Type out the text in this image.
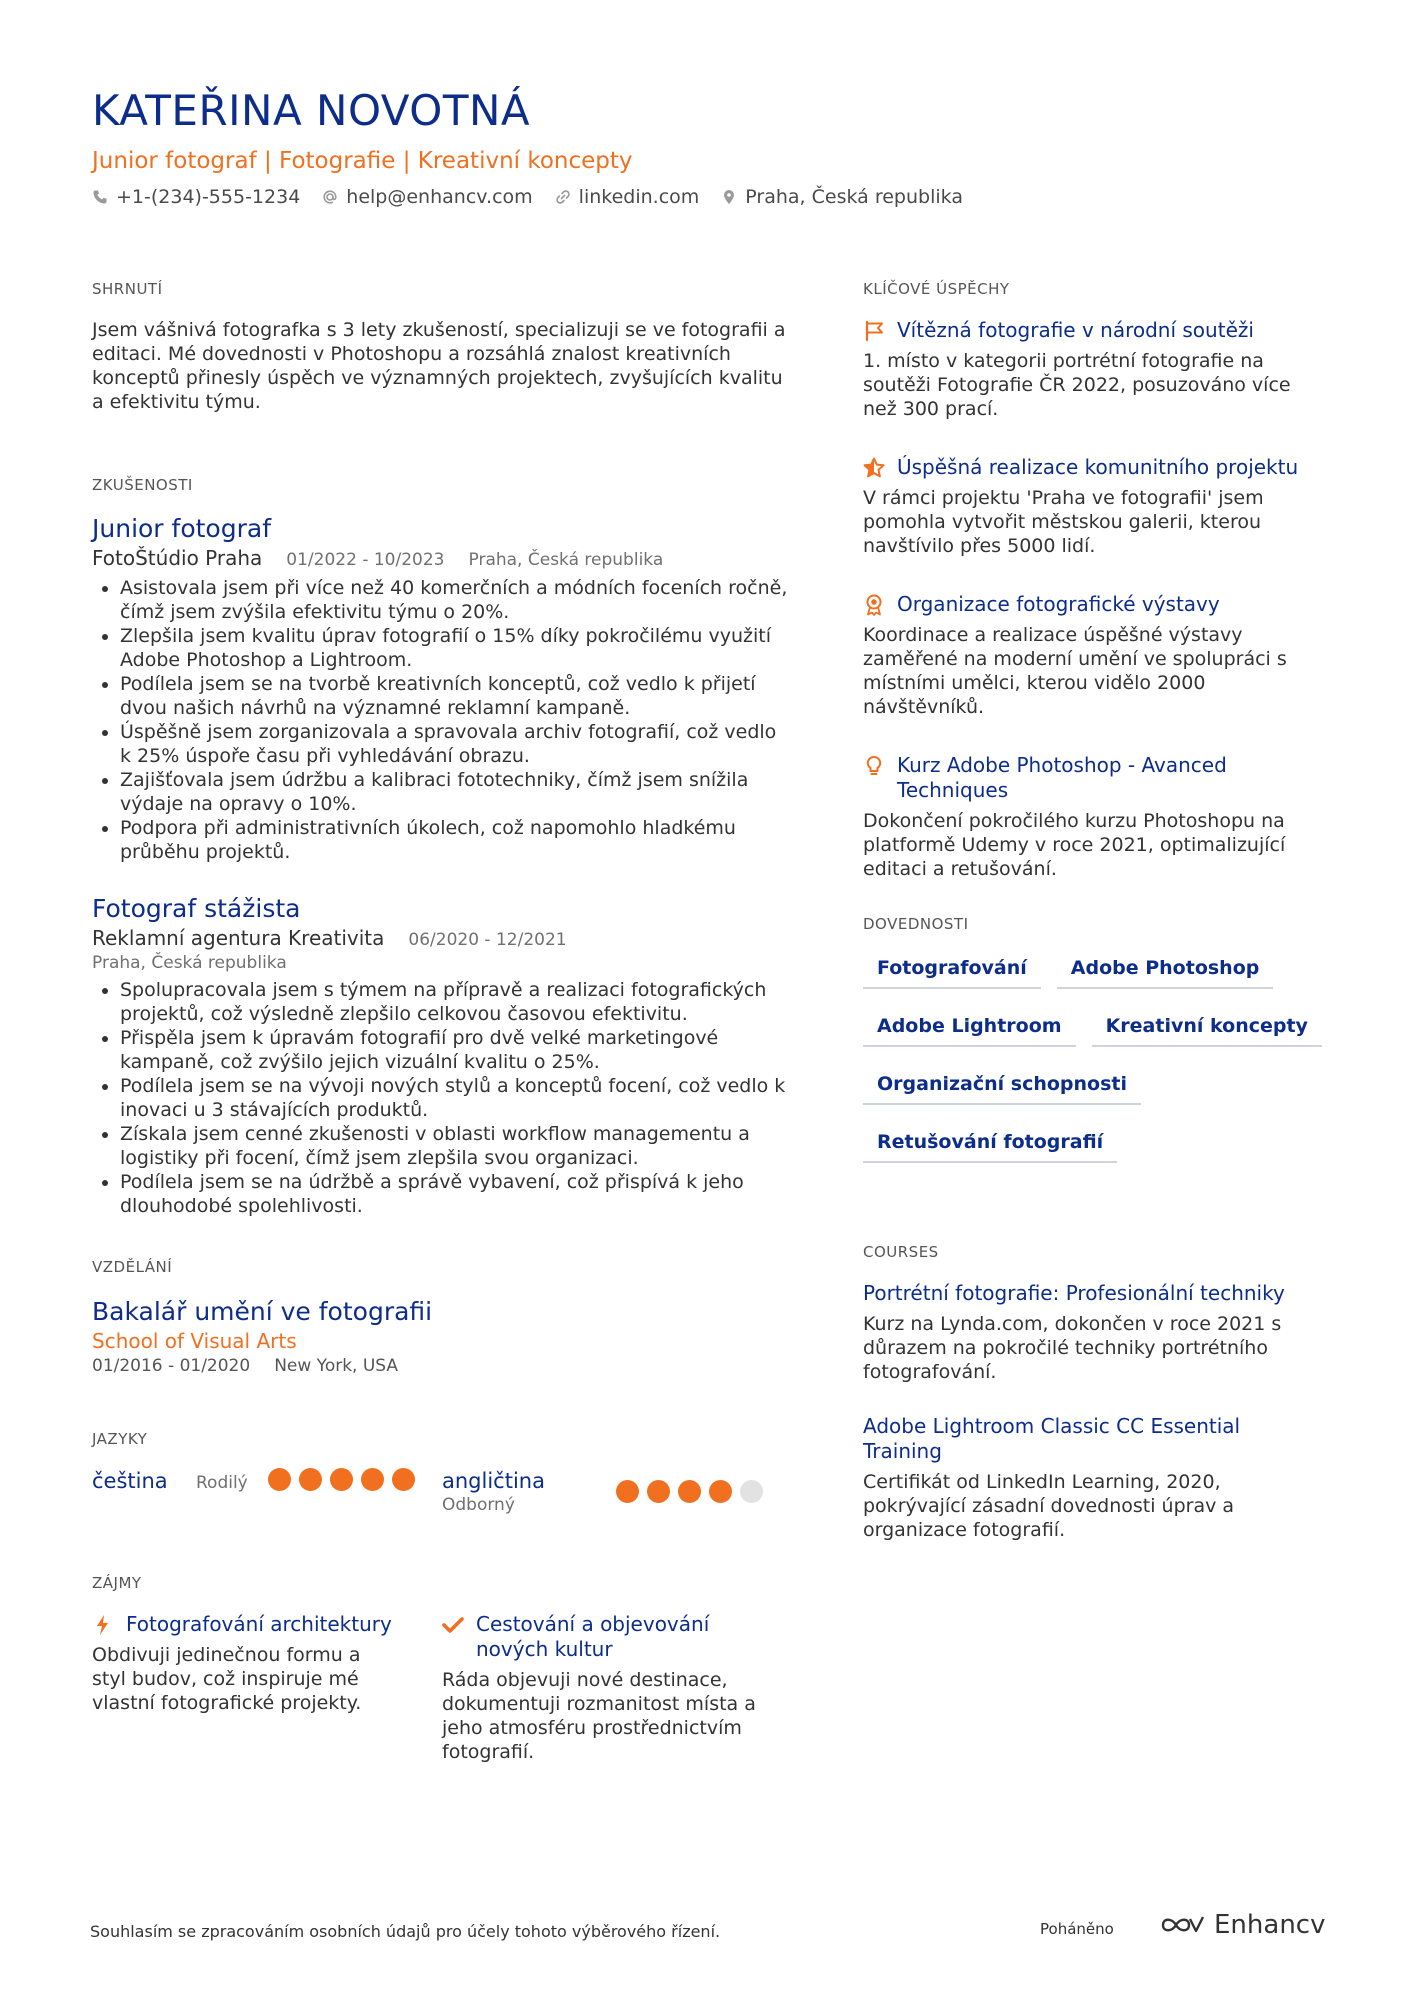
KATEŘINA NOVOTNÁ
Junior fotograf | Fotografie | Kreativní koncepty
+1-(234)-555-1234 help@enhancv.com linkedin.com Praha, Česká republika
SHRNUTÍ

Jsem vášnivá fotografka s 3 lety zkušeností, specializuji se ve fotografii a editaci. Mé dovednosti v Photoshopu a rozsáhlá znalost kreativních konceptů přinesly úspěch ve významných projektech, zvyšujících kvalitu a efektivitu týmu.

ZKUŠENOSTI
Junior fotograf
FotoŠtúdio Praha 01/2022 - 10/2023 Praha, Česká republika
• Asistovala jsem při více než 40 komerčních a módních foceních ročně, čímž jsem zvýšila efektivitu týmu o 20%.
• Zlepšila jsem kvalitu úprav fotografií o 15% díky pokročilému využití Adobe Photoshop a Lightroom.
• Podílela jsem se na tvorbě kreativních konceptů, což vedlo k přijetí dvou našich návrhů na významné reklamní kampaně.
• Úspěšně jsem zorganizovala a spravovala archiv fotografií, což vedlo k 25% úspoře času při vyhledávání obrazu.
• Zajišťovala jsem údržbu a kalibraci fototechniky, čímž jsem snížila výdaje na opravy o 10%.
• Podpora při administrativních úkolech, což napomohlo hladkému průběhu projektů.
Fotograf stážista
Reklamní agentura Kreativita 06/2020 - 12/2021
Praha, Česká republika
• Spolupracovala jsem s týmem na přípravě a realizaci fotografických projektů, což výsledně zlepšilo celkovou časovou efektivitu.
• Přispěla jsem k úpravám fotografií pro dvě velké marketingové kampaně, což zvýšilo jejich vizuální kvalitu o 25%.
• Podílela jsem se na vývoji nových stylů a konceptů focení, což vedlo k inovaci u 3 stávajících produktů.
• Získala jsem cenné zkušenosti v oblasti workflow managementu a logistiky při focení, čímž jsem zlepšila svou organizaci.
• Podílela jsem se na údržbě a správě vybavení, což přispívá k jeho dlouhodobé spolehlivosti.
VZDĚLÁNÍ
Bakalář umění ve fotografii
School of Visual Arts
01/2016 - 01/2020 New York, USA
JAZYKY
čeština	Rodilý	angličtina
Odborný
ZÁJMY
Fotografování architektury
Obdivuji jedinečnou formu a styl budov, což inspiruje mé vlastní fotografické projekty.
Cestování a objevování nových kultur
Ráda objevuji nové destinace, dokumentuji rozmanitost místa a jeho atmosféru prostřednictvím fotografií.
KLÍČOVÉ ÚSPĚCHY
Vítězná fotografie v národní soutěži
1. místo v kategorii portrétní fotografie na soutěži Fotografie ČR 2022, posuzováno více než 300 prací.
Úspěšná realizace komunitního projektu
V rámci projektu 'Praha ve fotografii' jsem pomohla vytvořit městskou galerii, kterou navštívilo přes 5000 lidí.
Organizace fotografické výstavy
Koordinace a realizace úspěšné výstavy zaměřené na moderní umění ve spolupráci s místními umělci, kterou vidělo 2000 návštěvníků.
Kurz Adobe Photoshop - Avanced Techniques
Dokončení pokročilého kurzu Photoshopu na platformě Udemy v roce 2021, optimalizující editaci a retušování.
DOVEDNOSTI
Fotografování	Adobe Photoshop
Adobe Lightroom	Kreativní koncepty
Organizační schopnosti
Retušování fotografií
COURSES
Portrétní fotografie: Profesionální techniky
Kurz na Lynda.com, dokončen v roce 2021 s důrazem na pokročilé techniky portrétního fotografování.
Adobe Lightroom Classic CC Essential Training
Certifikát od LinkedIn Learning, 2020, pokrývající zásadní dovednosti úprav a organizace fotografií.
Souhlasím se zpracováním osobních údajů pro účely tohoto výběrového řízení.	Poháněno	Enhancv
